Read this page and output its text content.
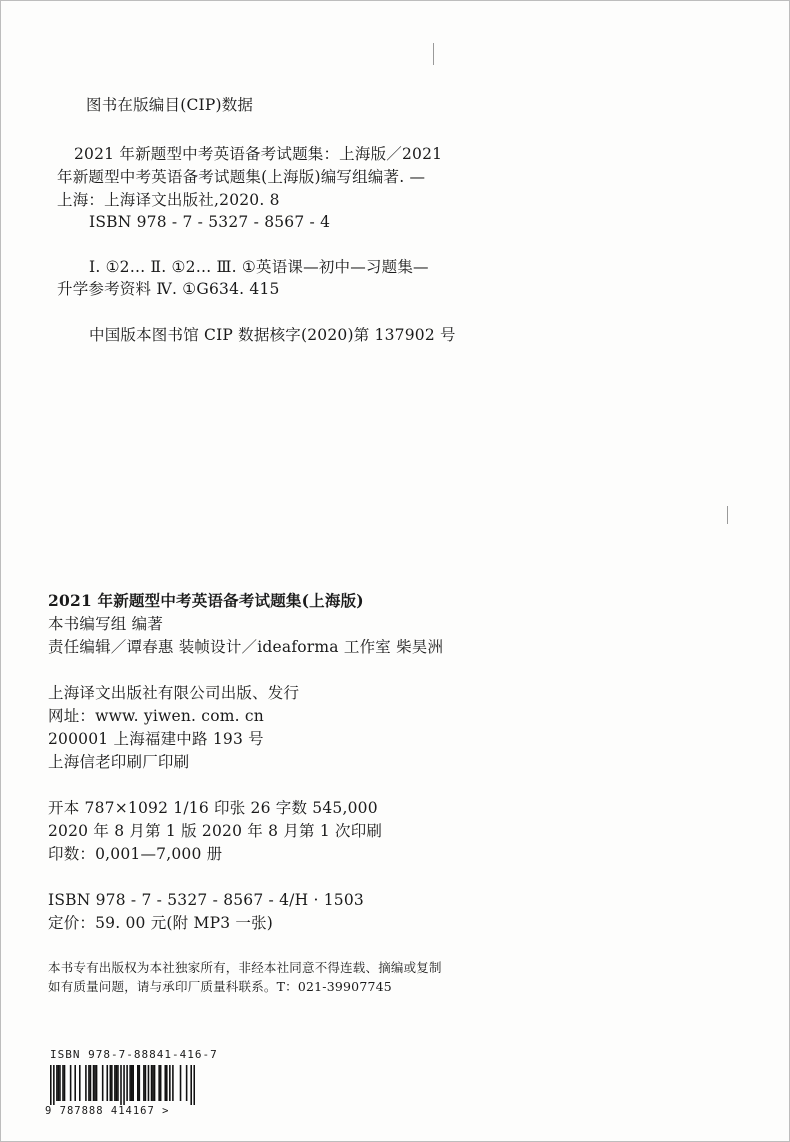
图书在版编目(CIP)数据
2021 年新题型中考英语备考试题集：上海版／2021
年新题型中考英语备考试题集(上海版)编写组编著. —
上海：上海译文出版社,2020. 8
ISBN 978 - 7 - 5327 - 8567 - 4
Ⅰ. ①2… Ⅱ. ①2… Ⅲ. ①英语课—初中—习题集—
升学参考资料 Ⅳ. ①G634. 415
中国版本图书馆 CIP 数据核字(2020)第 137902 号
2021 年新题型中考英语备考试题集(上海版)
本书编写组 编著
责任编辑／谭春惠 装帧设计／ideaforma 工作室 柴昊洲
上海译文出版社有限公司出版、发行
网址：www. yiwen. com. cn
200001 上海福建中路 193 号
上海信老印刷厂印刷
开本 787×1092 1/16 印张 26 字数 545,000
2020 年 8 月第 1 版 2020 年 8 月第 1 次印刷
印数：0,001—7,000 册
ISBN 978 - 7 - 5327 - 8567 - 4/H · 1503
定价：59. 00 元(附 MP3 一张)
本书专有出版权为本社独家所有，非经本社同意不得连载、摘编或复制
如有质量问题，请与承印厂质量科联系。T：021-39907745
ISBN 978-7-88841-416-7
9 787888 414167 >
